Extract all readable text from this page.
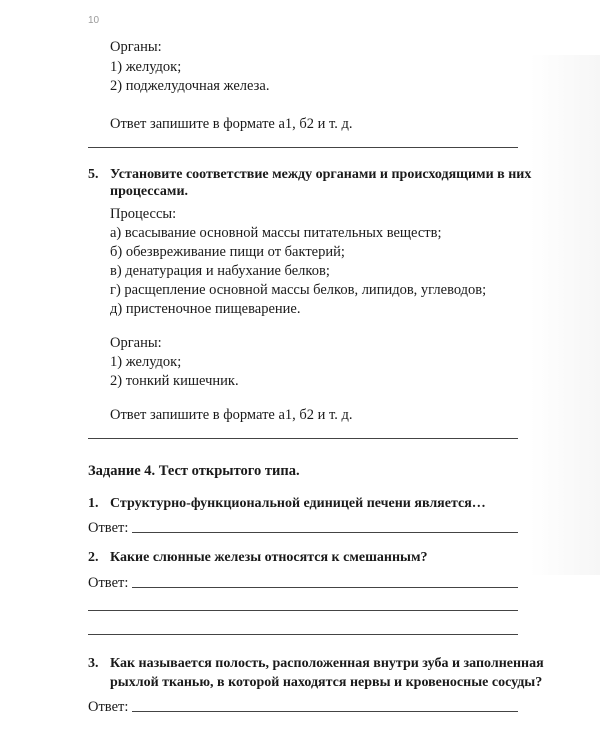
10
Органы:
1) желудок;
2) поджелудочная железа.
Ответ запишите в формате а1, б2 и т. д.
5. Установите соответствие между органами и происходящими в них
процессами.
Процессы:
а) всасывание основной массы питательных веществ;
б) обезвреживание пищи от бактерий;
в) денатурация и набухание белков;
г) расщепление основной массы белков, липидов, углеводов;
д) пристеночное пищеварение.
Органы:
1) желудок;
2) тонкий кишечник.
Ответ запишите в формате а1, б2 и т. д.
Задание 4. Тест открытого типа.
1. Структурно-функциональной единицей печени является…
Ответ:
2. Какие слюнные железы относятся к смешанным?
Ответ:
3. Как называется полость, расположенная внутри зуба и заполненная
рыхлой тканью, в которой находятся нервы и кровеносные сосуды?
Ответ:
